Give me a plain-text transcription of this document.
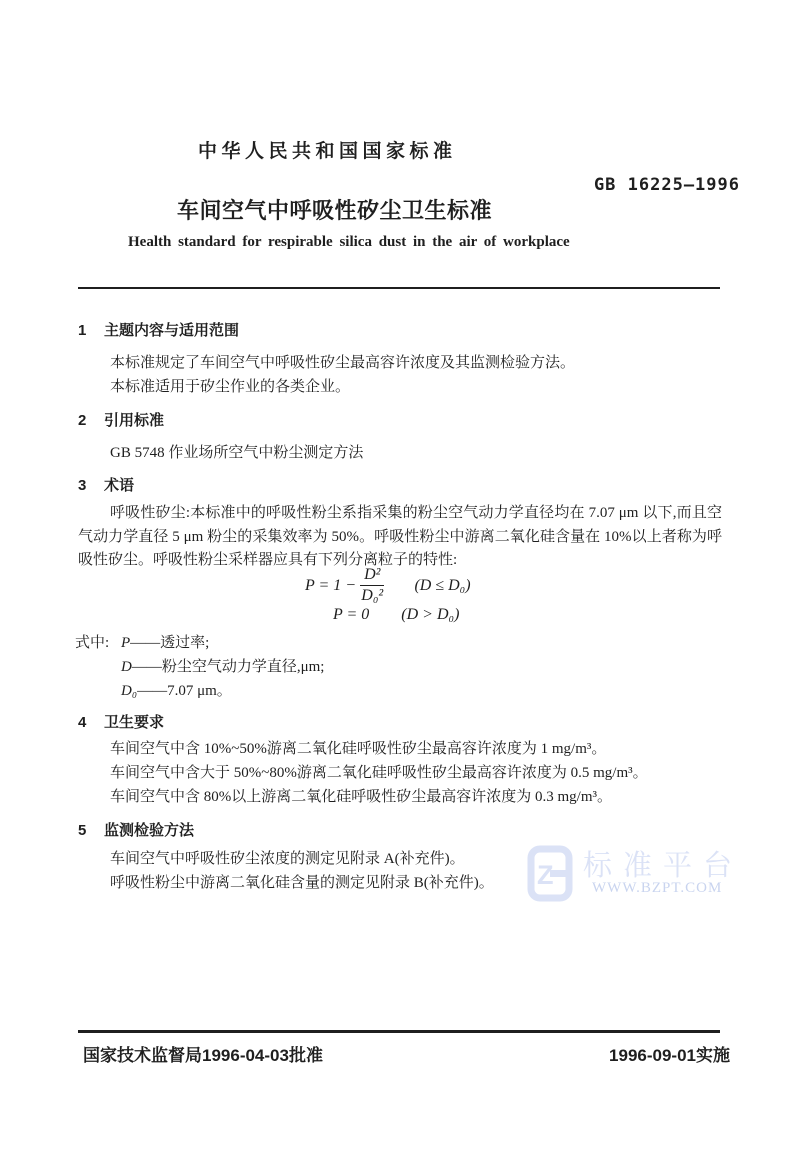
中华人民共和国国家标准
GB 16225—1996
车间空气中呼吸性矽尘卫生标准
Health standard for respirable silica dust in the air of workplace
1 主题内容与适用范围

本标准规定了车间空气中呼吸性矽尘最高容许浓度及其监测检验方法。

本标准适用于矽尘作业的各类企业。

2 引用标准

GB 5748 作业场所空气中粉尘测定方法

3 术语

呼吸性矽尘:本标准中的呼吸性粉尘系指采集的粉尘空气动力学直径均在 7.07 μm 以下,而且空气动力学直径 5 μm 粉尘的采集效率为 50%。呼吸性粉尘中游离二氧化硅含量在 10%以上者称为呼吸性矽尘。呼吸性粉尘采样器应具有下列分离粒子的特性:

$P = 1 - \frac{\text{D²}}{\text{D₀²}} (D \le D_0)$
P = 0 (D > D₀)
式中: P——透过率;
D——粉尘空气动力学直径,μm;
D₀——7.07 μm。
4 卫生要求

车间空气中含 10%~50%游离二氧化硅呼吸性矽尘最高容许浓度为 1 mg/m³。

车间空气中含大于 50%~80%游离二氧化硅呼吸性矽尘最高容许浓度为 0.5 mg/m³。

车间空气中含 80%以上游离二氧化硅呼吸性矽尘最高容许浓度为 0.3 mg/m³。

5 监测检验方法

车间空气中呼吸性矽尘浓度的测定见附录 A(补充件)。

呼吸性粉尘中游离二氧化硅含量的测定见附录 B(补充件)。 Z 标准平台
WWW.BZPT.COM
国家技术监督局1996-04-03批准	1996-09-01实施
